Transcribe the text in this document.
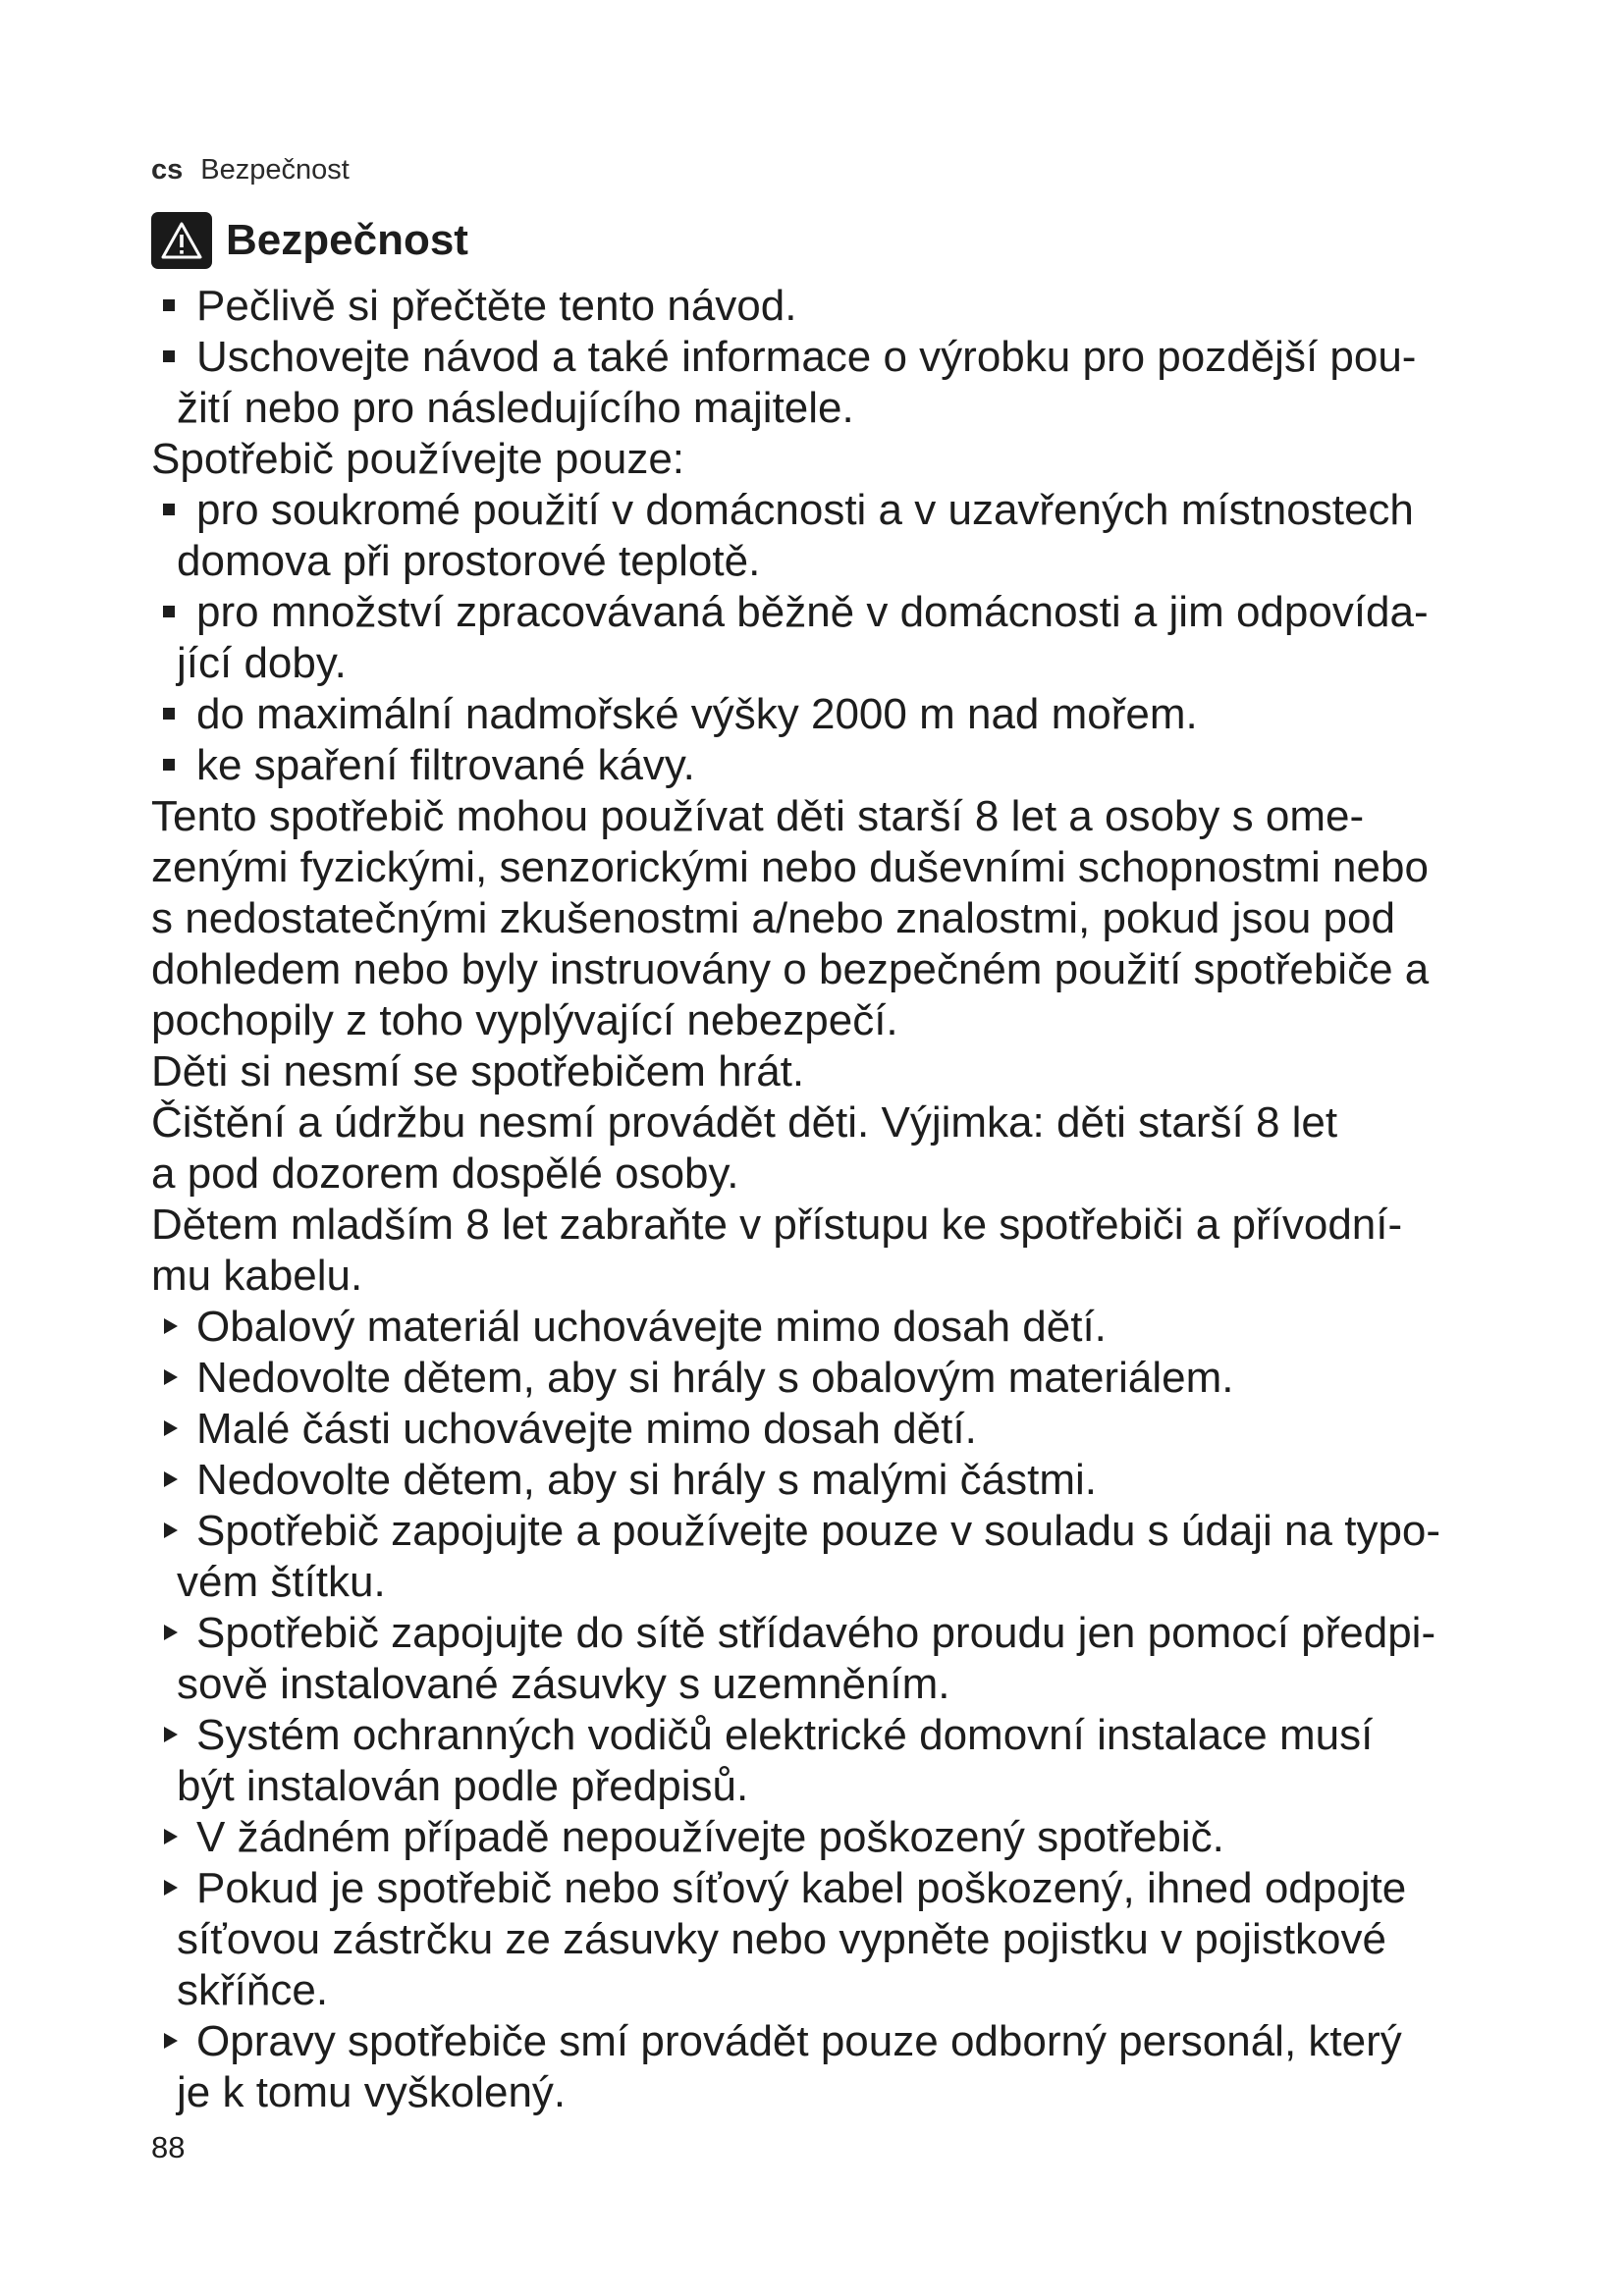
cs Bezpečnost
Bezpečnost
Pečlivě si přečtěte tento návod.
Uschovejte návod a také informace o výrobku pro pozdější pou-
žití nebo pro následujícího majitele.
Spotřebič používejte pouze:
pro soukromé použití v domácnosti a v uzavřených místnostech
domova při prostorové teplotě.
pro množství zpracovávaná běžně v domácnosti a jim odpovída-
jící doby.
do maximální nadmořské výšky 2000 m nad mořem.
ke spaření filtrované kávy.
Tento spotřebič mohou používat děti starší 8 let a osoby s ome-
zenými fyzickými, senzorickými nebo duševními schopnostmi nebo
s nedostatečnými zkušenostmi a/nebo znalostmi, pokud jsou pod
dohledem nebo byly instruovány o bezpečném použití spotřebiče a
pochopily z toho vyplývající nebezpečí.
Děti si nesmí se spotřebičem hrát.
Čištění a údržbu nesmí provádět děti. Výjimka: děti starší 8 let
a pod dozorem dospělé osoby.
Dětem mladším 8 let zabraňte v přístupu ke spotřebiči a přívodní-
mu kabelu.
Obalový materiál uchovávejte mimo dosah dětí.
Nedovolte dětem, aby si hrály s obalovým materiálem.
Malé části uchovávejte mimo dosah dětí.
Nedovolte dětem, aby si hrály s malými částmi.
Spotřebič zapojujte a používejte pouze v souladu s údaji na typo-
vém štítku.
Spotřebič zapojujte do sítě střídavého proudu jen pomocí předpi-
sově instalované zásuvky s uzemněním.
Systém ochranných vodičů elektrické domovní instalace musí
být instalován podle předpisů.
V žádném případě nepoužívejte poškozený spotřebič.
Pokud je spotřebič nebo síťový kabel poškozený, ihned odpojte
síťovou zástrčku ze zásuvky nebo vypněte pojistku v pojistkové
skříňce.
Opravy spotřebiče smí provádět pouze odborný personál, který
je k tomu vyškolený.
88
